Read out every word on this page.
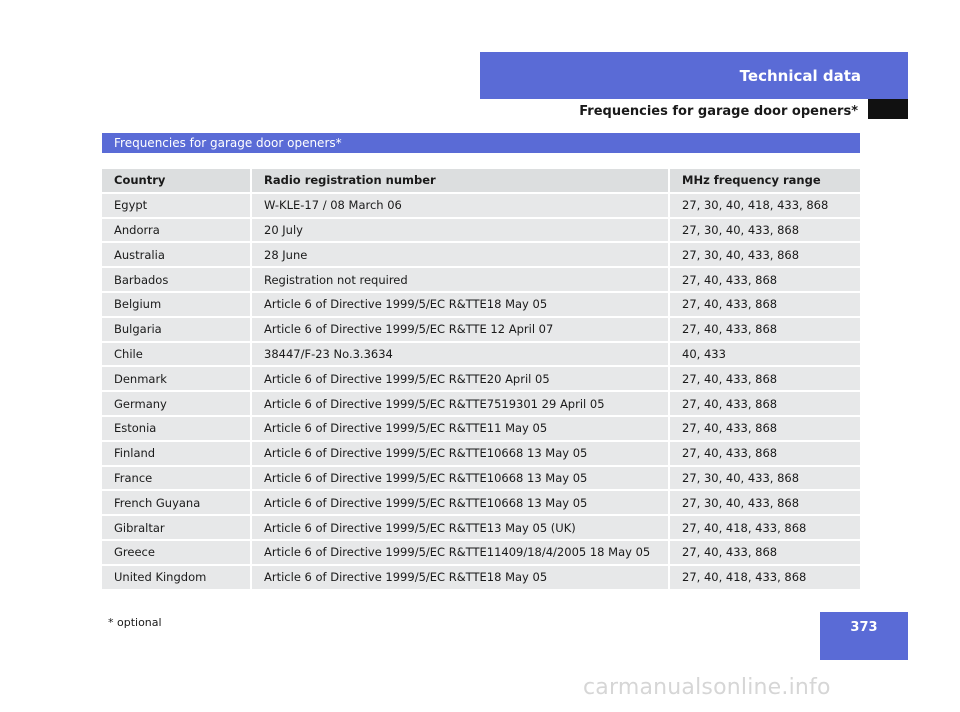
Technical data
Frequencies for garage door openers*
Frequencies for garage door openers*
Country	Radio registration number	MHz frequency range
Egypt	W-KLE-17 / 08 March 06	27, 30, 40, 418, 433, 868
Andorra	20 July	27, 30, 40, 433, 868
Australia	28 June	27, 30, 40, 433, 868
Barbados	Registration not required	27, 40, 433, 868
Belgium	Article 6 of Directive 1999/5/EC R&TTE18 May 05	27, 40, 433, 868
Bulgaria	Article 6 of Directive 1999/5/EC R&TTE 12 April 07	27, 40, 433, 868
Chile	38447/F-23 No.3.3634	40, 433
Denmark	Article 6 of Directive 1999/5/EC R&TTE20 April 05	27, 40, 433, 868
Germany	Article 6 of Directive 1999/5/EC R&TTE7519301 29 April 05	27, 40, 433, 868
Estonia	Article 6 of Directive 1999/5/EC R&TTE11 May 05	27, 40, 433, 868
Finland	Article 6 of Directive 1999/5/EC R&TTE10668 13 May 05	27, 40, 433, 868
France	Article 6 of Directive 1999/5/EC R&TTE10668 13 May 05	27, 30, 40, 433, 868
French Guyana	Article 6 of Directive 1999/5/EC R&TTE10668 13 May 05	27, 30, 40, 433, 868
Gibraltar	Article 6 of Directive 1999/5/EC R&TTE13 May 05 (UK)	27, 40, 418, 433, 868
Greece	Article 6 of Directive 1999/5/EC R&TTE11409/18/4/2005 18 May 05	27, 40, 433, 868
United Kingdom	Article 6 of Directive 1999/5/EC R&TTE18 May 05	27, 40, 418, 433, 868
373
* optional
carmanualsonline.info
